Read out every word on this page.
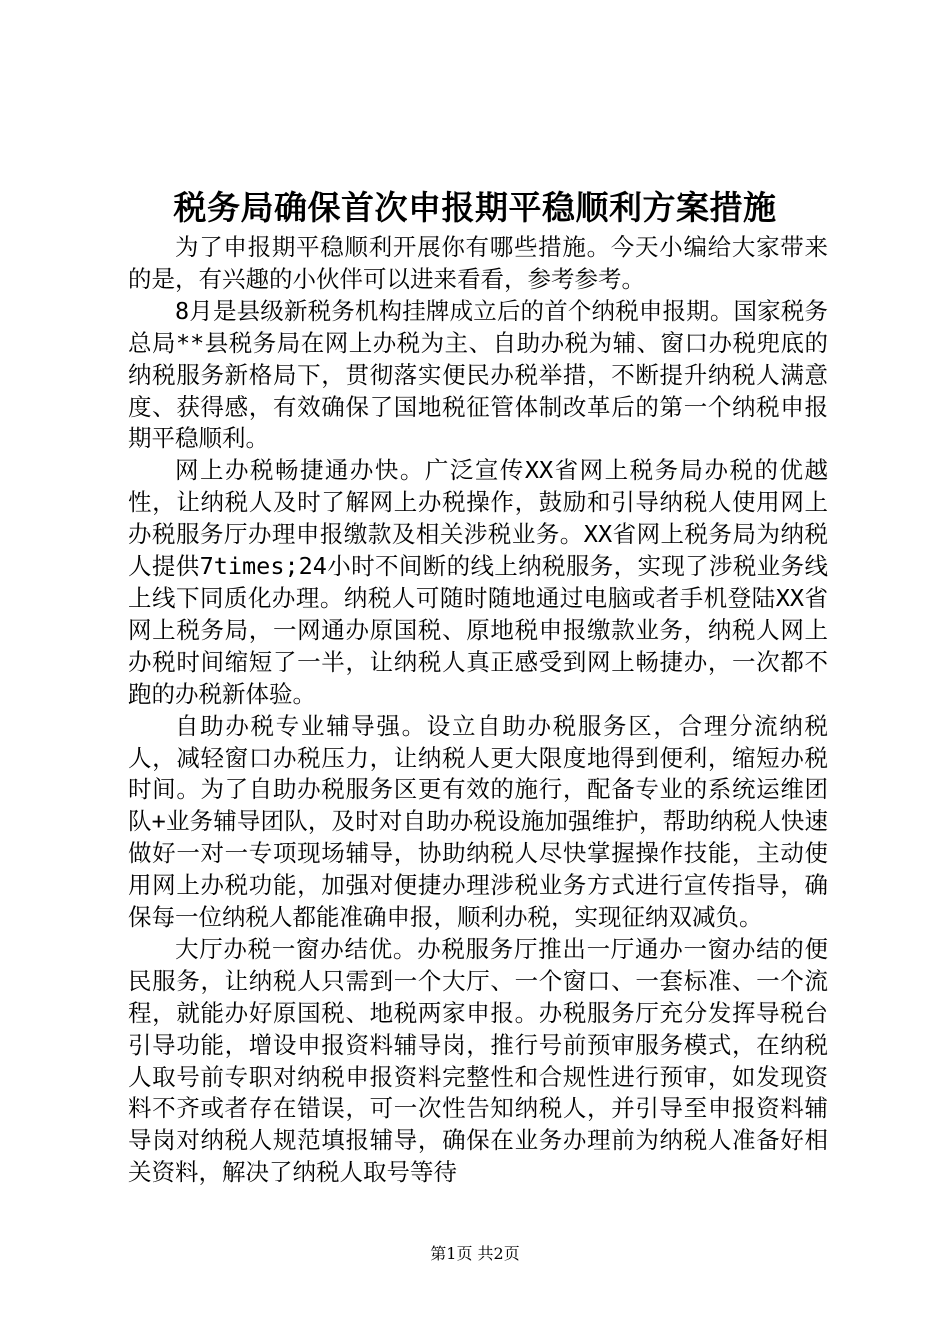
税务局确保首次申报期平稳顺利方案措施

为了申报期平稳顺利开展你有哪些措施。今天小编给大家带来的是，有兴趣的小伙伴可以进来看看，参考参考。

8月是县级新税务机构挂牌成立后的首个纳税申报期。国家税务总局**县税务局在网上办税为主、自助办税为辅、窗口办税兜底的纳税服务新格局下，贯彻落实便民办税举措，不断提升纳税人满意度、获得感，有效确保了国地税征管体制改革后的第一个纳税申报期平稳顺利。

网上办税畅捷通办快。广泛宣传XX省网上税务局办税的优越性，让纳税人及时了解网上办税操作，鼓励和引导纳税人使用网上办税服务厅办理申报缴款及相关涉税业务。XX省网上税务局为纳税人提供7times;24小时不间断的线上纳税服务，实现了涉税业务线上线下同质化办理。纳税人可随时随地通过电脑或者手机登陆XX省网上税务局，一网通办原国税、原地税申报缴款业务，纳税人网上办税时间缩短了一半，让纳税人真正感受到网上畅捷办，一次都不跑的办税新体验。

自助办税专业辅导强。设立自助办税服务区，合理分流纳税人，减轻窗口办税压力，让纳税人更大限度地得到便利，缩短办税时间。为了自助办税服务区更有效的施行，配备专业的系统运维团队+业务辅导团队，及时对自助办税设施加强维护，帮助纳税人快速做好一对一专项现场辅导，协助纳税人尽快掌握操作技能，主动使用网上办税功能，加强对便捷办理涉税业务方式进行宣传指导，确保每一位纳税人都能准确申报，顺利办税，实现征纳双减负。

大厅办税一窗办结优。办税服务厅推出一厅通办一窗办结的便民服务，让纳税人只需到一个大厅、一个窗口、一套标准、一个流程，就能办好原国税、地税两家申报。办税服务厅充分发挥导税台引导功能，增设申报资料辅导岗，推行号前预审服务模式，在纳税人取号前专职对纳税申报资料完整性和合规性进行预审，如发现资料不齐或者存在错误，可一次性告知纳税人，并引导至申报资料辅导岗对纳税人规范填报辅导，确保在业务办理前为纳税人准备好相关资料，解决了纳税人取号等待

第1页 共2页
